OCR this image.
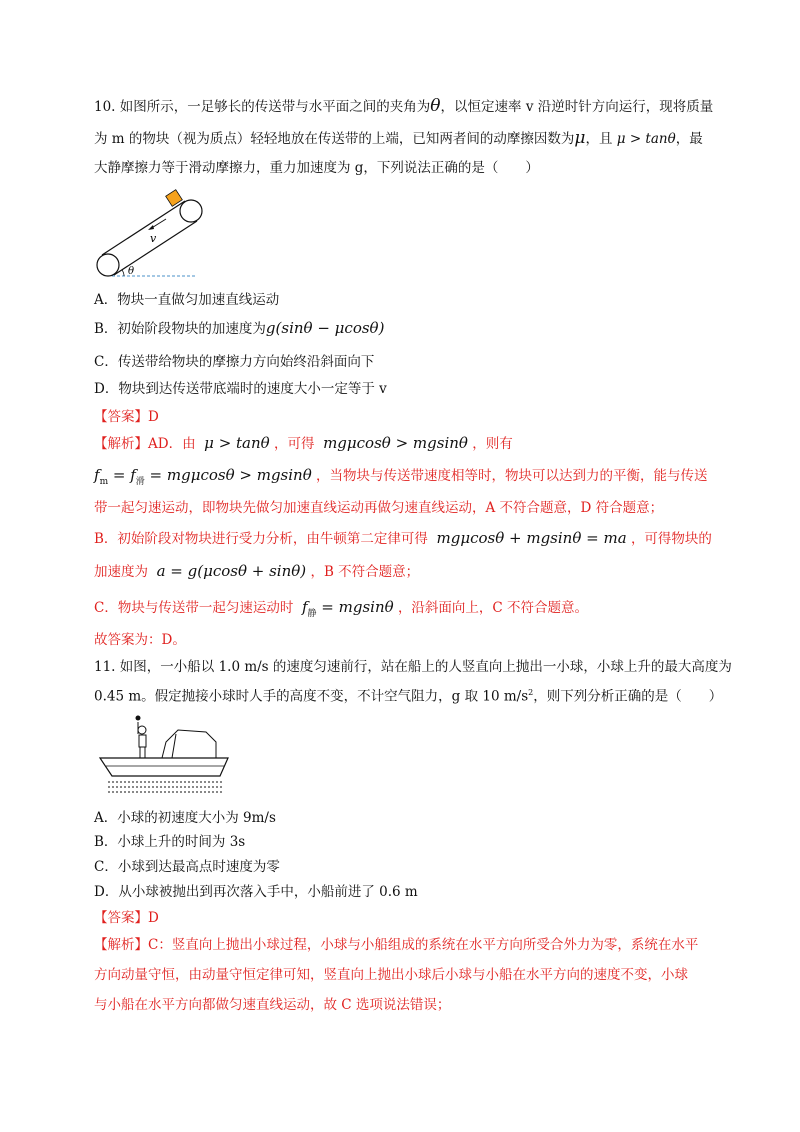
10. 如图所示，一足够长的传送带与水平面之间的夹角为θ，以恒定速率 v 沿逆时针方向运行，现将质量
为 m 的物块（视为质点）轻轻地放在传送带的上端，已知两者间的动摩擦因数为μ，且 μ > tanθ，最
大静摩擦力等于滑动摩擦力，重力加速度为 g，下列说法正确的是（　　）
v
θ
A．物块一直做匀加速直线运动
B．初始阶段物块的加速度为g(sinθ − μcosθ)
C．传送带给物块的摩擦力方向始终沿斜面向下
D．物块到达传送带底端时的速度大小一定等于 v
【答案】D
【解析】AD．由 μ > tanθ ，可得 mgμcosθ > mgsinθ ，则有
$f_m = f_滑 = mg\mu\cos\theta > mgsin\theta$ ，当物块与传送带速度相等时，物块可以达到力的平衡，能与传送
带一起匀速运动，即物块先做匀加速直线运动再做匀速直线运动，A 不符合题意，D 符合题意；
B．初始阶段对物块进行受力分析，由牛顿第二定律可得 mgμcosθ + mgsinθ = ma ，可得物块的
加速度为 a = g(μcosθ + sinθ) ，B 不符合题意；
C．物块与传送带一起匀速运动时 $f_静 = mgsin\theta$ ，沿斜面向上，C 不符合题意。
故答案为：D。
11. 如图，一小船以 1.0 m/s 的速度匀速前行，站在船上的人竖直向上抛出一小球，小球上升的最大高度为
0.45 m。假定抛接小球时人手的高度不变，不计空气阻力，g 取 10 $m/s^2$，则下列分析正确的是（　　）
A．小球的初速度大小为 9m/s
B．小球上升的时间为 3s
C．小球到达最高点时速度为零
D．从小球被抛出到再次落入手中，小船前进了 0.6 m
【答案】D
【解析】C：竖直向上抛出小球过程，小球与小船组成的系统在水平方向所受合外力为零，系统在水平
方向动量守恒，由动量守恒定律可知，竖直向上抛出小球后小球与小船在水平方向的速度不变，小球
与小船在水平方向都做匀速直线运动，故 C 选项说法错误；
